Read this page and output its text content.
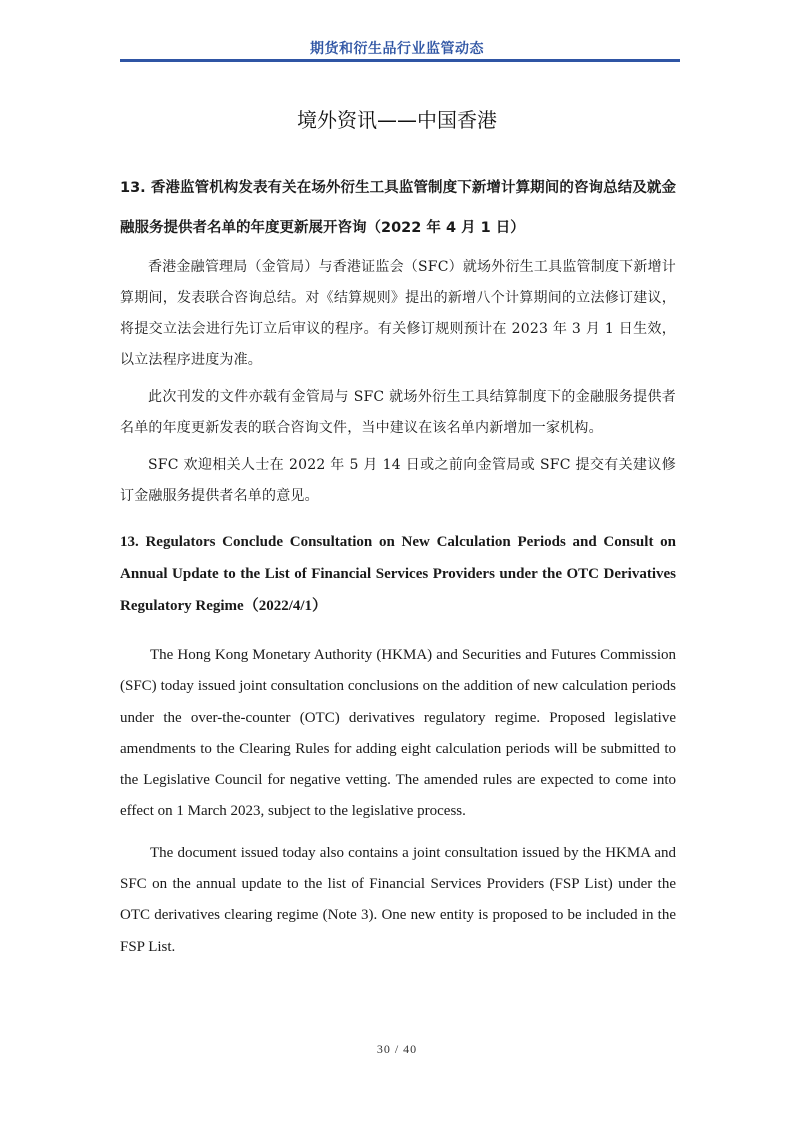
期货和衍生品行业监管动态
境外资讯——中国香港
13. 香港监管机构发表有关在场外衍生工具监管制度下新增计算期间的咨询总结及就金融服务提供者名单的年度更新展开咨询（2022 年 4 月 1 日）

香港金融管理局（金管局）与香港证监会（SFC）就场外衍生工具监管制度下新增计算期间，发表联合咨询总结。对《结算规则》提出的新增八个计算期间的立法修订建议，将提交立法会进行先订立后审议的程序。有关修订规则预计在 2023 年 3 月 1 日生效，以立法程序进度为准。

此次刊发的文件亦载有金管局与 SFC 就场外衍生工具结算制度下的金融服务提供者名单的年度更新发表的联合咨询文件，当中建议在该名单内新增加一家机构。

SFC 欢迎相关人士在 2022 年 5 月 14 日或之前向金管局或 SFC 提交有关建议修订金融服务提供者名单的意见。

13. Regulators Conclude Consultation on New Calculation Periods and Consult on Annual Update to the List of Financial Services Providers under the OTC Derivatives Regulatory Regime（2022/4/1）

The Hong Kong Monetary Authority (HKMA) and Securities and Futures Commission (SFC) today issued joint consultation conclusions on the addition of new calculation periods under the over-the-counter (OTC) derivatives regulatory regime. Proposed legislative amendments to the Clearing Rules for adding eight calculation periods will be submitted to the Legislative Council for negative vetting. The amended rules are expected to come into effect on 1 March 2023, subject to the legislative process.

The document issued today also contains a joint consultation issued by the HKMA and SFC on the annual update to the list of Financial Services Providers (FSP List) under the OTC derivatives clearing regime (Note 3). One new entity is proposed to be included in the FSP List.

30 / 40
